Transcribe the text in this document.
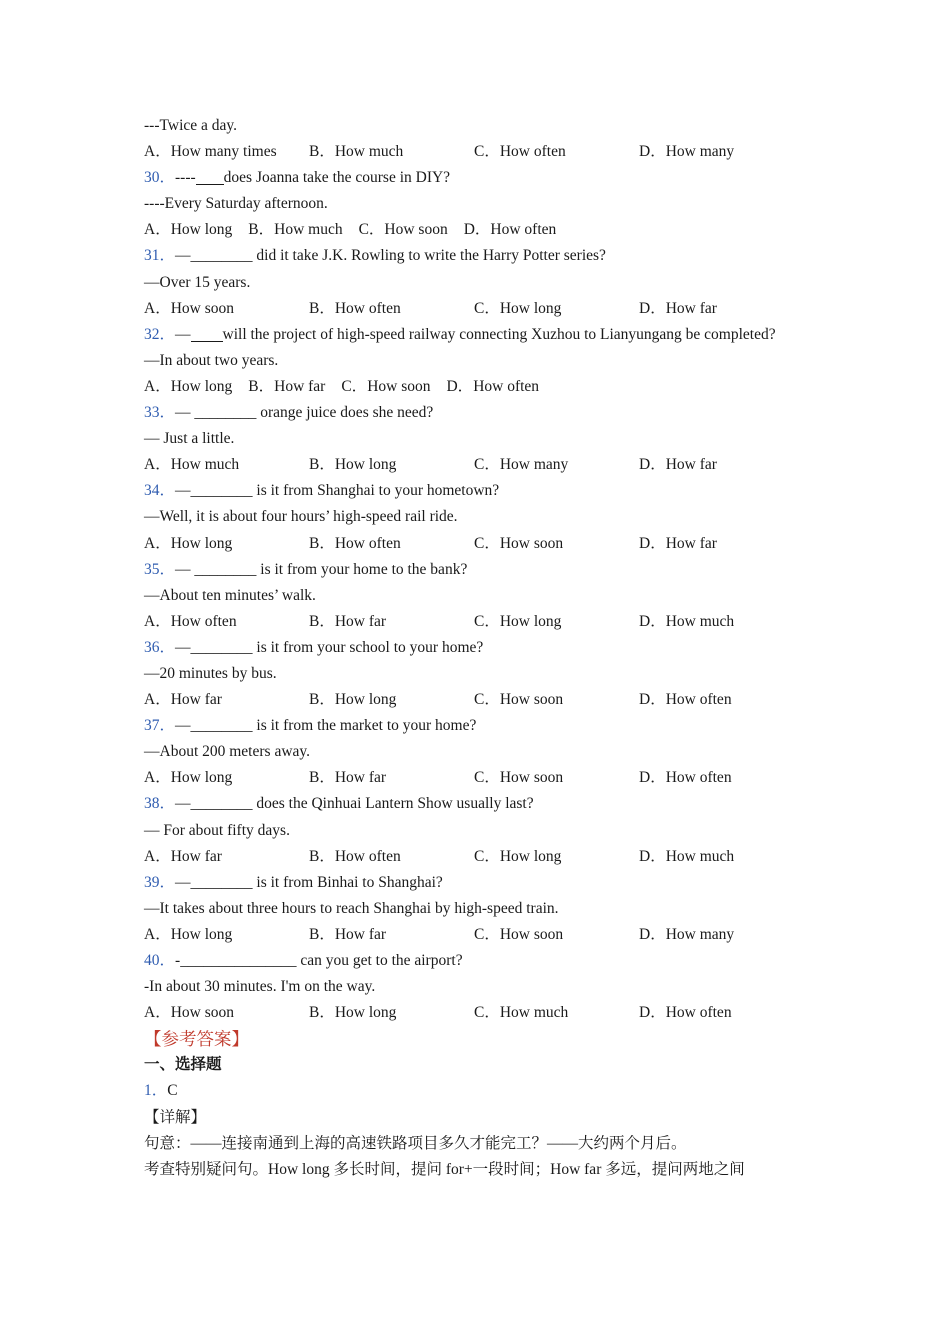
---Twice a day.
A．How many times	B．How much	C．How often	D．How many
30．---- does Joanna take the course in DIY?
----Every Saturday afternoon.
A．How long B．How much C．How soon D．How often
31．—________ did it take J.K. Rowling to write the Harry Potter series?
—Over 15 years.
A．How soon	B．How often	C．How long	D．How far
32．— will the project of high-speed railway connecting Xuzhou to Lianyungang be completed?
—In about two years.
A．How long B．How far C．How soon D．How often
33．— ________ orange juice does she need?
— Just a little.
A．How much	B．How long	C．How many	D．How far
34．—________ is it from Shanghai to your hometown?
—Well, it is about four hours’ high-speed rail ride.
A．How long	B．How often	C．How soon	D．How far
35．— ________ is it from your home to the bank?
—About ten minutes’ walk.
A．How often	B．How far	C．How long	D．How much
36．—________ is it from your school to your home?
—20 minutes by bus.
A．How far	B．How long	C．How soon	D．How often
37．—________ is it from the market to your home?
—About 200 meters away.
A．How long	B．How far	C．How soon	D．How often
38．—________ does the Qinhuai Lantern Show usually last?
— For about fifty days.
A．How far	B．How often	C．How long	D．How much
39．—________ is it from Binhai to Shanghai?
—It takes about three hours to reach Shanghai by high-speed train.
A．How long	B．How far	C．How soon	D．How many
40．-_______________ can you get to the airport?
-In about 30 minutes. I'm on the way.
A．How soon	B．How long	C．How much	D．How often
【参考答案】
一、选择题
1．C
【详解】
句意：——连接南通到上海的高速铁路项目多久才能完工？——大约两个月后。
考查特别疑问句。How long 多长时间，提问 for+一段时间；How far 多远，提问两地之间
